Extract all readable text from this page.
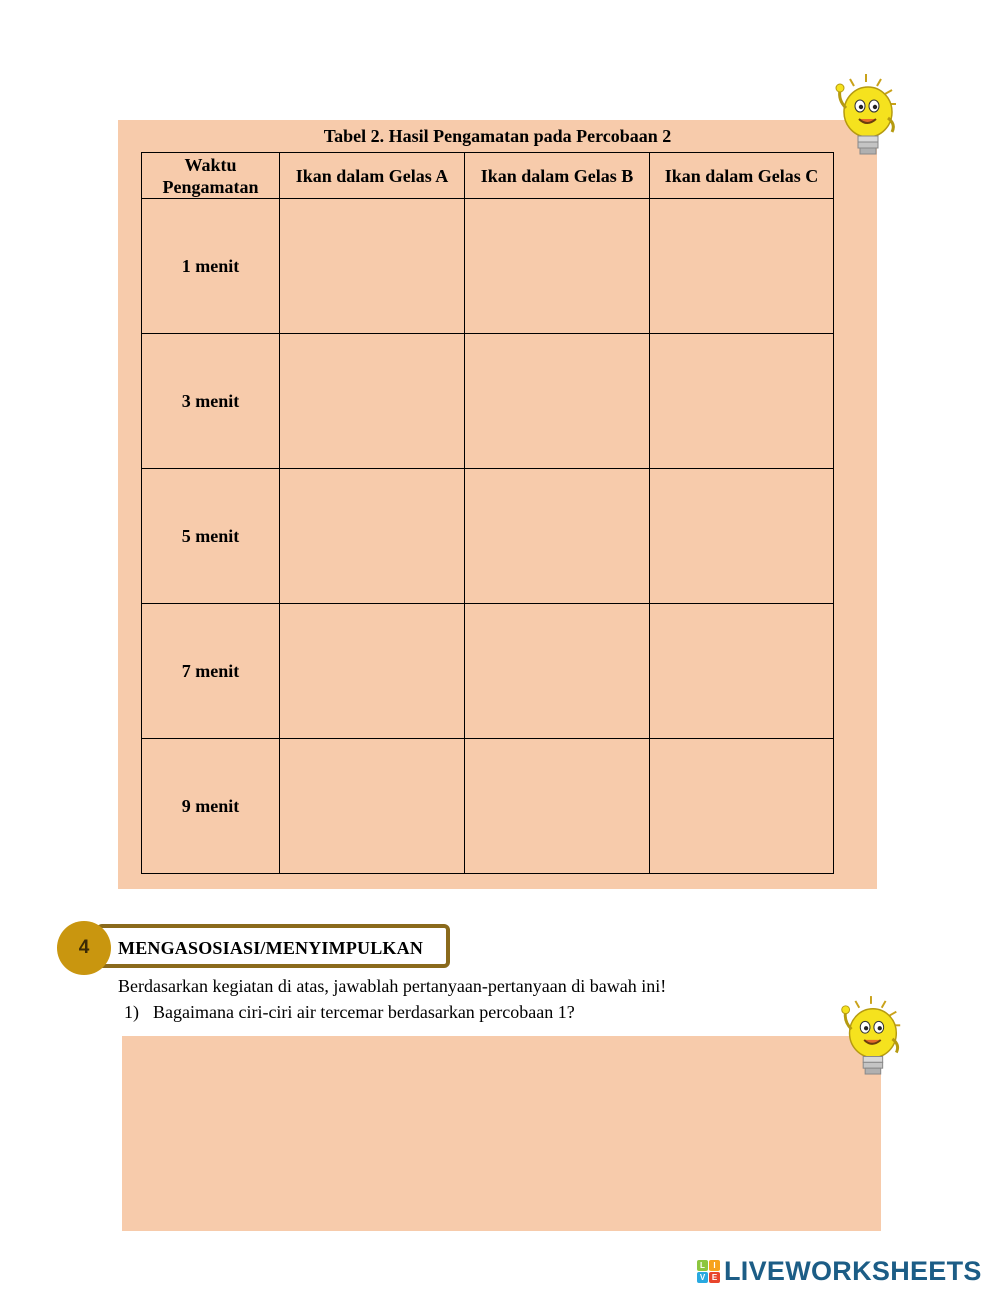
Tabel 2. Hasil Pengamatan pada Percobaan 2
Waktu
Pengamatan	Ikan dalam Gelas A	Ikan dalam Gelas B	Ikan dalam Gelas C
1 menit			
3 menit			
5 menit			
7 menit			
9 menit			
4	MENGASOSIASI/MENYIMPULKAN
Berdasarkan kegiatan di atas, jawablah pertanyaan-pertanyaan di bawah ini!
1) Bagaimana ciri-ciri air tercemar berdasarkan percobaan 1?
L	I
V E LIVEWORKSHEETS
